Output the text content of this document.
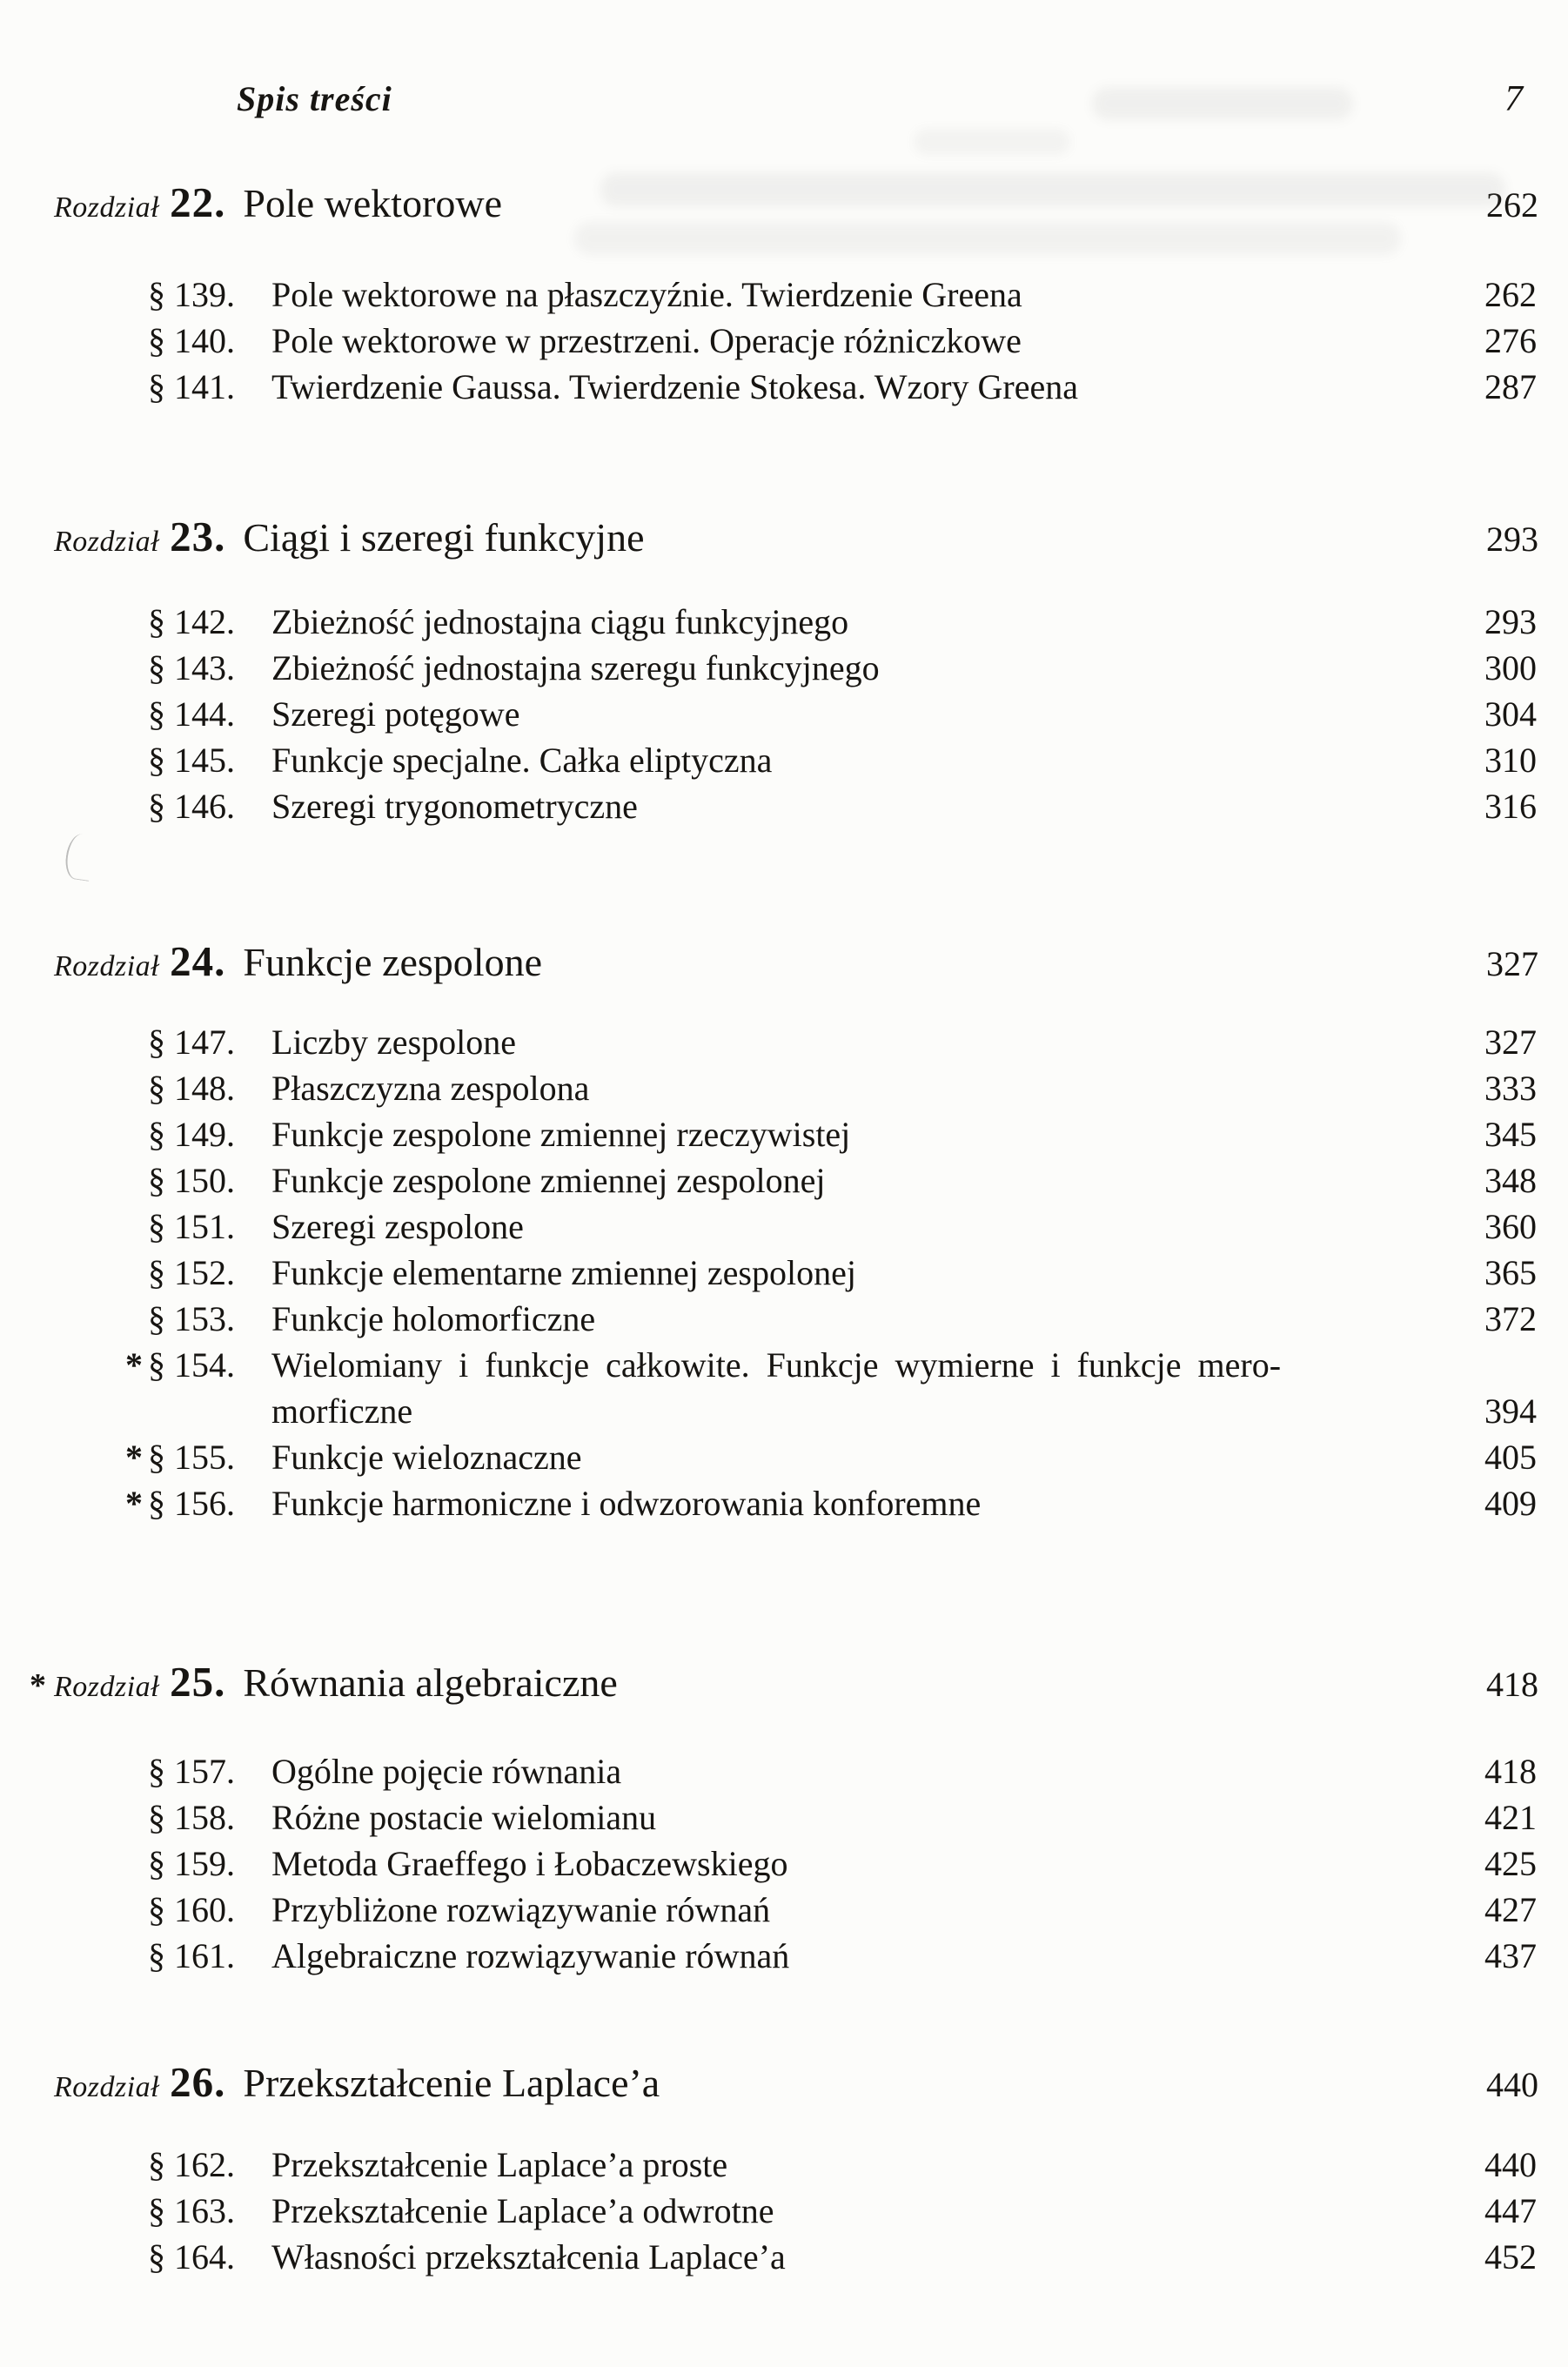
Spis treści	7
Rozdział 22. Pole wektorowe	262
§ 139.	Pole wektorowe na płaszczyźnie. Twierdzenie Greena	262
§ 140.	Pole wektorowe w przestrzeni. Operacje różniczkowe	276
§ 141.	Twierdzenie Gaussa. Twierdzenie Stokesa. Wzory Greena	287
Rozdział 23. Ciągi i szeregi funkcyjne	293
§ 142.	Zbieżność jednostajna ciągu funkcyjnego	293
§ 143.	Zbieżność jednostajna szeregu funkcyjnego	300
§ 144.	Szeregi potęgowe	304
§ 145.	Funkcje specjalne. Całka eliptyczna	310
§ 146.	Szeregi trygonometryczne	316
Rozdział 24. Funkcje zespolone	327
§ 147.	Liczby zespolone	327
§ 148.	Płaszczyzna zespolona	333
§ 149.	Funkcje zespolone zmiennej rzeczywistej	345
§ 150.	Funkcje zespolone zmiennej zespolonej	348
§ 151.	Szeregi zespolone	360
§ 152.	Funkcje elementarne zmiennej zespolonej	365
§ 153.	Funkcje holomorficzne	372
* § 154.	Wielomiany i funkcje całkowite. Funkcje wymierne i funkcje mero-
morficzne	394
* § 155.	Funkcje wieloznaczne	405
* § 156.	Funkcje harmoniczne i odwzorowania konforemne	409
* Rozdział 25. Równania algebraiczne	418
§ 157.	Ogólne pojęcie równania	418
§ 158.	Różne postacie wielomianu	421
§ 159.	Metoda Graeffego i Łobaczewskiego	425
§ 160.	Przybliżone rozwiązywanie równań	427
§ 161.	Algebraiczne rozwiązywanie równań	437
Rozdział 26. Przekształcenie Laplace’a	440
§ 162.	Przekształcenie Laplace’a proste	440
§ 163.	Przekształcenie Laplace’a odwrotne	447
§ 164.	Własności przekształcenia Laplace’a	452
